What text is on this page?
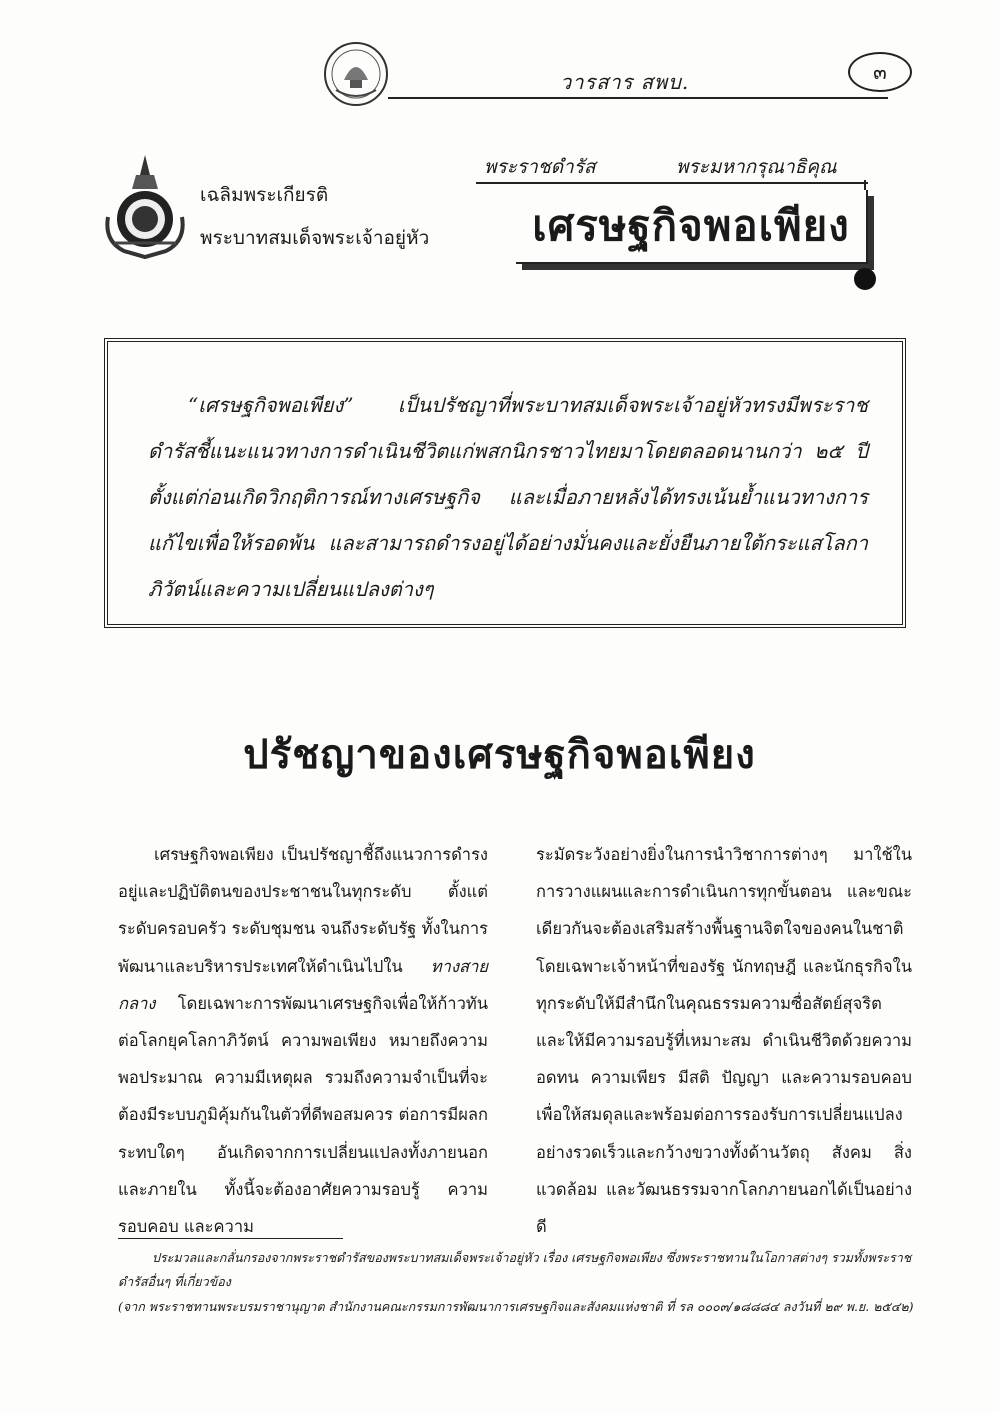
วารสาร สพบ.	๓
เฉลิมพระเกียรติ
พระบาทสมเด็จพระเจ้าอยู่หัว
พระราชดำรัส	พระมหากรุณาธิคุณ
เศรษฐกิจพอเพียง

“เศรษฐกิจพอเพียง” เป็นปรัชญาที่พระบาทสมเด็จพระเจ้าอยู่หัวทรงมีพระราชดำรัสชี้แนะแนวทางการดำเนินชีวิตแก่พสกนิกรชาวไทยมาโดยตลอดนานกว่า ๒๕ ปี ตั้งแต่ก่อนเกิดวิกฤติการณ์ทางเศรษฐกิจ และเมื่อภายหลังได้ทรงเน้นย้ำแนวทางการแก้ไขเพื่อให้รอดพ้น และสามารถดำรงอยู่ได้อย่างมั่นคงและยั่งยืนภายใต้กระแสโลกาภิวัตน์และความเปลี่ยนแปลงต่างๆ

ปรัชญาของเศรษฐกิจพอเพียง

เศรษฐกิจพอเพียง เป็นปรัชญาชี้ถึงแนวการดำรงอยู่และปฏิบัติตนของประชาชนในทุกระดับ ตั้งแต่ระดับครอบครัว ระดับชุมชน จนถึงระดับรัฐ ทั้งในการพัฒนาและบริหารประเทศให้ดำเนินไปใน ทางสายกลาง โดยเฉพาะการพัฒนาเศรษฐกิจเพื่อให้ก้าวทันต่อโลกยุคโลกาภิวัตน์ ความพอเพียง หมายถึงความพอประมาณ ความมีเหตุผล รวมถึงความจำเป็นที่จะต้องมีระบบภูมิคุ้มกันในตัวที่ดีพอสมควร ต่อการมีผลกระทบใดๆ อันเกิดจากการเปลี่ยนแปลงทั้งภายนอกและภายใน ทั้งนี้จะต้องอาศัยความรอบรู้ ความรอบคอบ และความ

ระมัดระวังอย่างยิ่งในการนำวิชาการต่างๆ มาใช้ในการวางแผนและการดำเนินการทุกขั้นตอน และขณะเดียวกันจะต้องเสริมสร้างพื้นฐานจิตใจของคนในชาติ โดยเฉพาะเจ้าหน้าที่ของรัฐ นักทฤษฎี และนักธุรกิจในทุกระดับให้มีสำนึกในคุณธรรมความซื่อสัตย์สุจริต และให้มีความรอบรู้ที่เหมาะสม ดำเนินชีวิตด้วยความอดทน ความเพียร มีสติ ปัญญา และความรอบคอบ เพื่อให้สมดุลและพร้อมต่อการรองรับการเปลี่ยนแปลงอย่างรวดเร็วและกว้างขวางทั้งด้านวัตถุ สังคม สิ่งแวดล้อม และวัฒนธรรมจากโลกภายนอกได้เป็นอย่างดี

ประมวลและกลั่นกรองจากพระราชดำรัสของพระบาทสมเด็จพระเจ้าอยู่หัว เรื่อง เศรษฐกิจพอเพียง ซึ่งพระราชทานในโอกาสต่างๆ รวมทั้งพระราชดำรัสอื่นๆ ที่เกี่ยวข้อง

(จาก พระราชทานพระบรมราชานุญาต สำนักงานคณะกรรมการพัฒนาการเศรษฐกิจและสังคมแห่งชาติ ที่ รล ๐๐๐๓/๑๘๘๘๔ ลงวันที่ ๒๙ พ.ย. ๒๕๔๒)
